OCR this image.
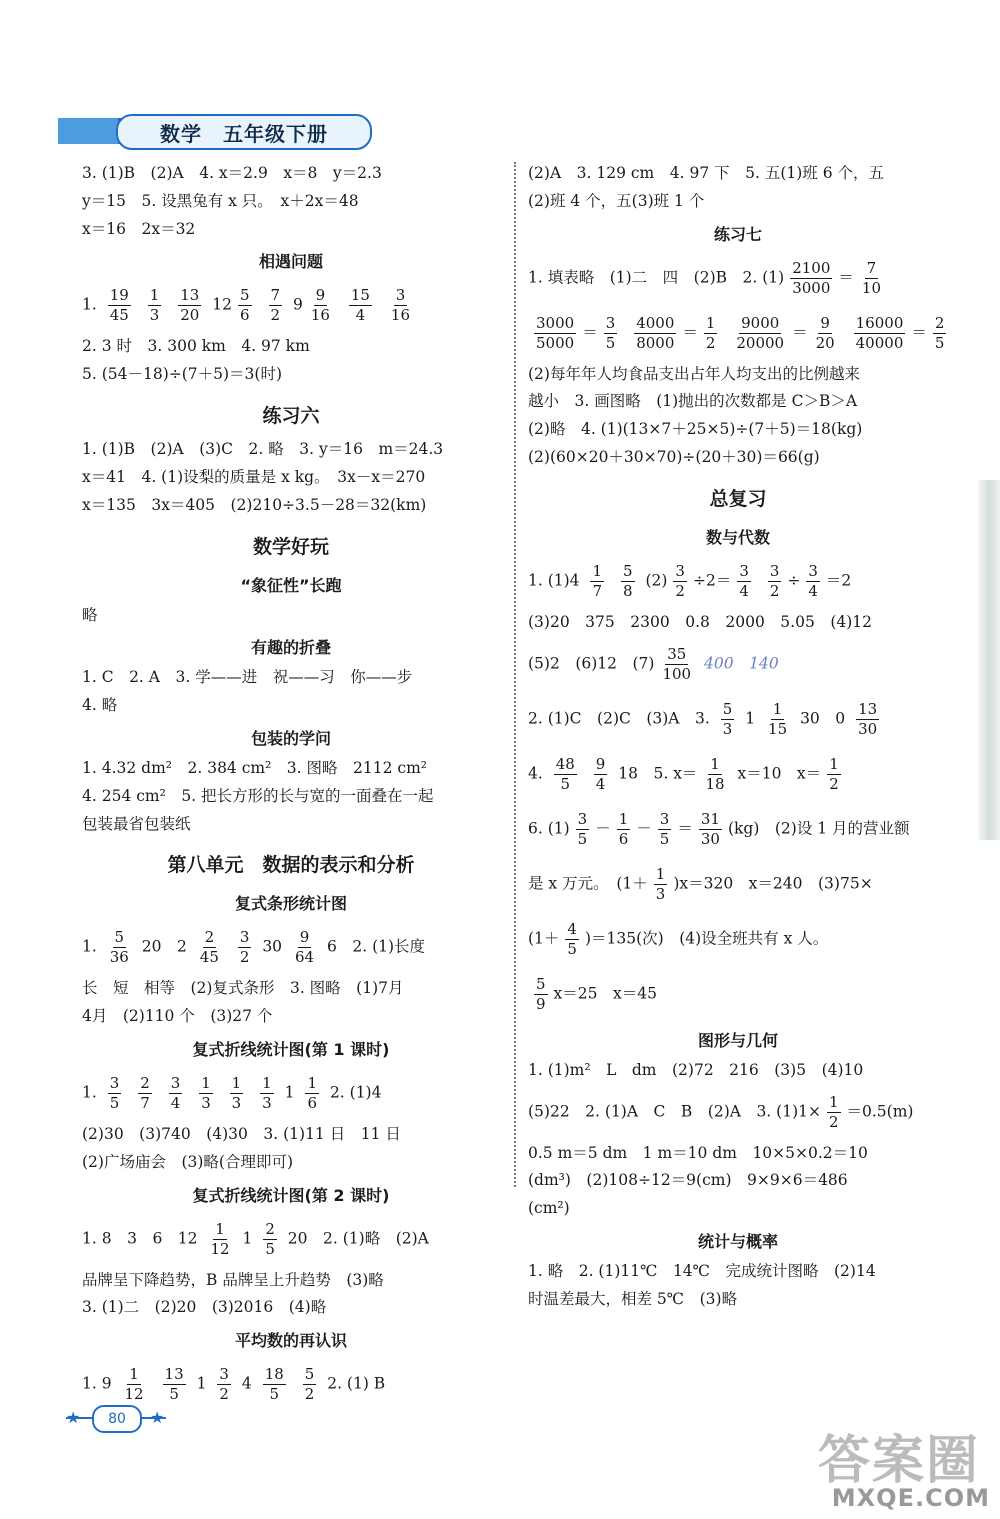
数学　五年级下册
3. (1)B　(2)A　4. x＝2.9　x＝8　y＝2.3
y＝15　5. 设黑兔有 x 只。　x＋2x＝48
x＝16　2x＝32
相遇问题
1. $\frac{19}{45}$
$\frac{1}{3}$
$\frac{13}{20} 12 \frac{5}{6}$
$\frac{7}{2} 9 \frac{9}{16}$
$\frac{15}{4}$
$\frac{3}{16}$
2. 3 时　3. 300 km　4. 97 km
5. (54－18)÷(7＋5)＝3(时)
练习六
1. (1)B　(2)A　(3)C　2. 略　3. y＝16　m＝24.3
x＝41　4. (1)设梨的质量是 x kg。　3x－x＝270
x＝135　3x＝405　(2)210÷3.5－28＝32(km)
数学好玩
“象征性”长跑
略
有趣的折叠
1. C　2. A　3. 学——进　祝——习　你——步
4. 略
包装的学问
1. 4.32 dm²　2. 384 cm²　3. 图略　2112 cm²
4. 254 cm²　5. 把长方形的长与宽的一面叠在一起
包装最省包装纸
第八单元　数据的表示和分析
复式条形统计图
1. $\frac{5}{36} 20$　$2 \frac{2}{45}$
$\frac{3}{2} 30 \frac{9}{64} 6$　2. (1)长度
长　短　相等　(2)复式条形　3. 图略　(1)7月
4月　(2)110 个　(3)27 个
复式折线统计图(第 1 课时)
1. $\frac{3}{5}$
$\frac{2}{7}$
$\frac{3}{4}$
$\frac{1}{3}$
$\frac{1}{3}$
$\frac{1}{3} 1 \frac{1}{6} 2$. (1)4
(2)30　(3)740　(4)30　3. (1)11 日　11 日
(2)广场庙会　(3)略(合理即可)
复式折线统计图(第 2 课时)
1. 8　3　6　$12 \frac{1}{12} 1 \frac{2}{5} 20$　2. (1)略　(2)A
品牌呈下降趋势，B 品牌呈上升趋势　(3)略
3. (1)二　(2)20　(3)2016　(4)略
平均数的再认识
1. $9 \frac{1}{12}$
$\frac{13}{5} 1 \frac{3}{2} 4 \frac{18}{5}$
$\frac{5}{2} 2$. (1) B
(2)A　3. 129 cm　4. 97 下　5. 五(1)班 6 个，五
(2)班 4 个，五(3)班 1 个
练习七
1. 填表略　(1)二　四　(2)B　2. $(1) \frac{2100}{3000} = \frac{7}{10}$
$\frac{3000}{5000} = \frac{3}{5}$
$\frac{4000}{8000} = \frac{1}{2}$
$\frac{9000}{20000} = \frac{9}{20}$
$\frac{16000}{40000} = \frac{2}{5}$
(2)每年年人均食品支出占年人均支出的比例越来
越小　3. 画图略　(1)抛出的次数都是 C＞B＞A
(2)略　4. (1)(13×7＋25×5)÷(7＋5)＝18(kg)
(2)(60×20＋30×70)÷(20＋30)＝66(g)
总复习
数与代数
1. $(1)4 \frac{1}{7}$
$\frac{5}{8} (2) \frac{3}{2} \div 2= \frac{3}{4}$
$\frac{3}{2} \div \frac{3}{4} =2$
(3)20　375　2300　0.8　2000　5.05　(4)12
(5)2　(6)12　$(7) \frac{35}{100} 400$　140
2. (1)C　(2)C　(3)A　3. $\frac{5}{3} 1 \frac{1}{15} 30$　$0 \frac{13}{30}$
4. $\frac{48}{5}$
$\frac{9}{4} 18$　5. $x= \frac{1}{18} x=10$　$x= \frac{1}{2}$
6. $(1) \frac{3}{5} - \frac{1}{6} - \frac{3}{5} = \frac{31}{30} (kg)$　(2)设 1 月的营业额
是 x 万元。　$(1+ \frac{1}{3} )x=320$　x＝240　(3)75×
$(1+ \frac{4}{5} )=135$(次)　(4)设全班共有 x 人。
$\frac{5}{9} x=25$　x＝45
图形与几何
1. (1)m²　L　dm　(2)72　216　(3)5　(4)10
(5)22　2. (1)A　C　B　(2)A　3. $(1)1\times \frac{1}{2} =0.5(m)$
0.5 m＝5 dm　1 m＝10 dm　10×5×0.2＝10
(dm³)　(2)108÷12＝9(cm)　9×9×6＝486
(cm²)
统计与概率
1. 略　2. (1)11℃　14℃　完成统计图略　(2)14
时温差最大，相差 5℃　(3)略
★	★
80
答案圈
MXQE.COM
